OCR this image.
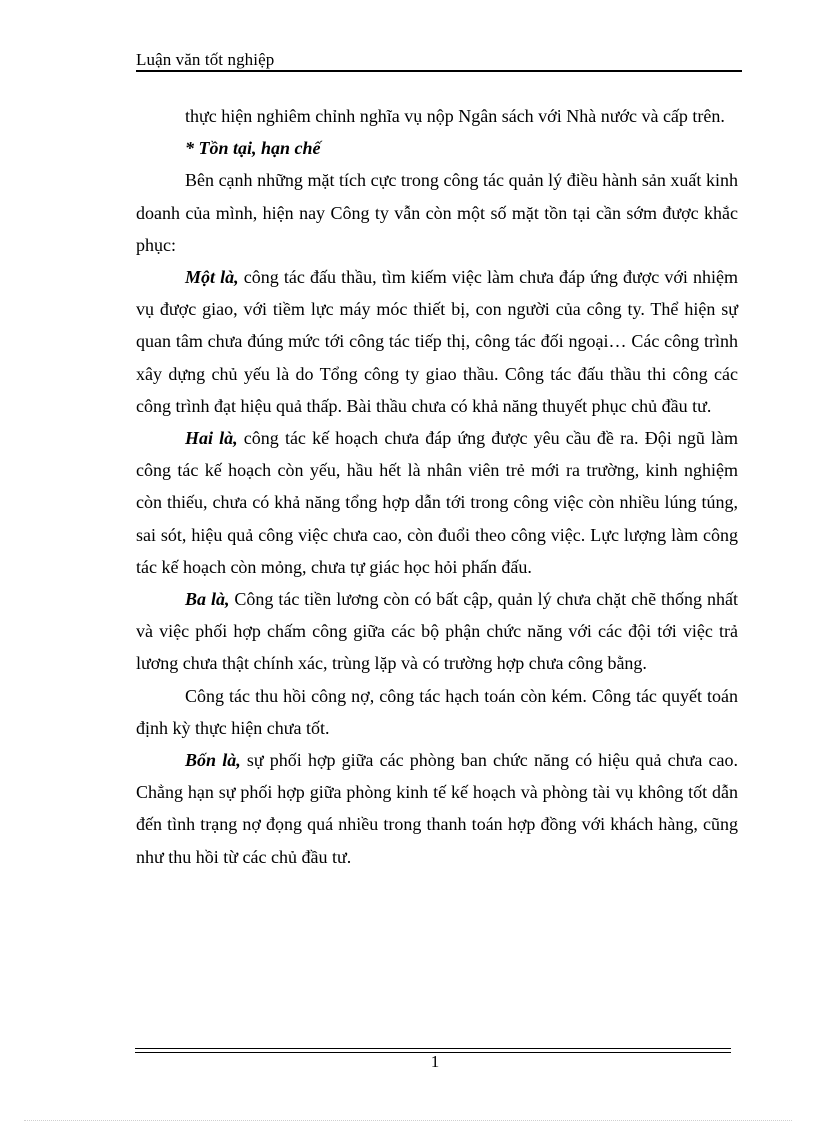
Luận văn tốt nghiệp

thực hiện nghiêm chỉnh nghĩa vụ nộp Ngân sách với Nhà nước và cấp trên.

* Tồn tại, hạn chế

Bên cạnh những mặt tích cực trong công tác quản lý điều hành sản xuất kinh doanh của mình, hiện nay Công ty vẫn còn một số mặt tồn tại cần sớm được khắc phục:

Một là, công tác đấu thầu, tìm kiếm việc làm chưa đáp ứng được với nhiệm vụ được giao, với tiềm lực máy móc thiết bị, con người của công ty. Thể hiện sự quan tâm chưa đúng mức tới công tác tiếp thị, công tác đối ngoại… Các công trình xây dựng chủ yếu là do Tổng công ty giao thầu. Công tác đấu thầu thi công các công trình đạt hiệu quả thấp. Bài thầu chưa có khả năng thuyết phục chủ đầu tư.

Hai là, công tác kế hoạch chưa đáp ứng được yêu cầu đề ra. Đội ngũ làm công tác kế hoạch còn yếu, hầu hết là nhân viên trẻ mới ra trường, kinh nghiệm còn thiếu, chưa có khả năng tổng hợp dẫn tới trong công việc còn nhiều lúng túng, sai sót, hiệu quả công việc chưa cao, còn đuổi theo công việc. Lực lượng làm công tác kế hoạch còn mỏng, chưa tự giác học hỏi phấn đấu.

Ba là, Công tác tiền lương còn có bất cập, quản lý chưa chặt chẽ thống nhất và việc phối hợp chấm công giữa các bộ phận chức năng với các đội tới việc trả lương chưa thật chính xác, trùng lặp và có trường hợp chưa công bằng.

Công tác thu hồi công nợ, công tác hạch toán còn kém. Công tác quyết toán định kỳ thực hiện chưa tốt.

Bốn là, sự phối hợp giữa các phòng ban chức năng có hiệu quả chưa cao. Chẳng hạn sự phối hợp giữa phòng kinh tế kế hoạch và phòng tài vụ không tốt dẫn đến tình trạng nợ đọng quá nhiều trong thanh toán hợp đồng với khách hàng, cũng như thu hồi từ các chủ đầu tư.

1
